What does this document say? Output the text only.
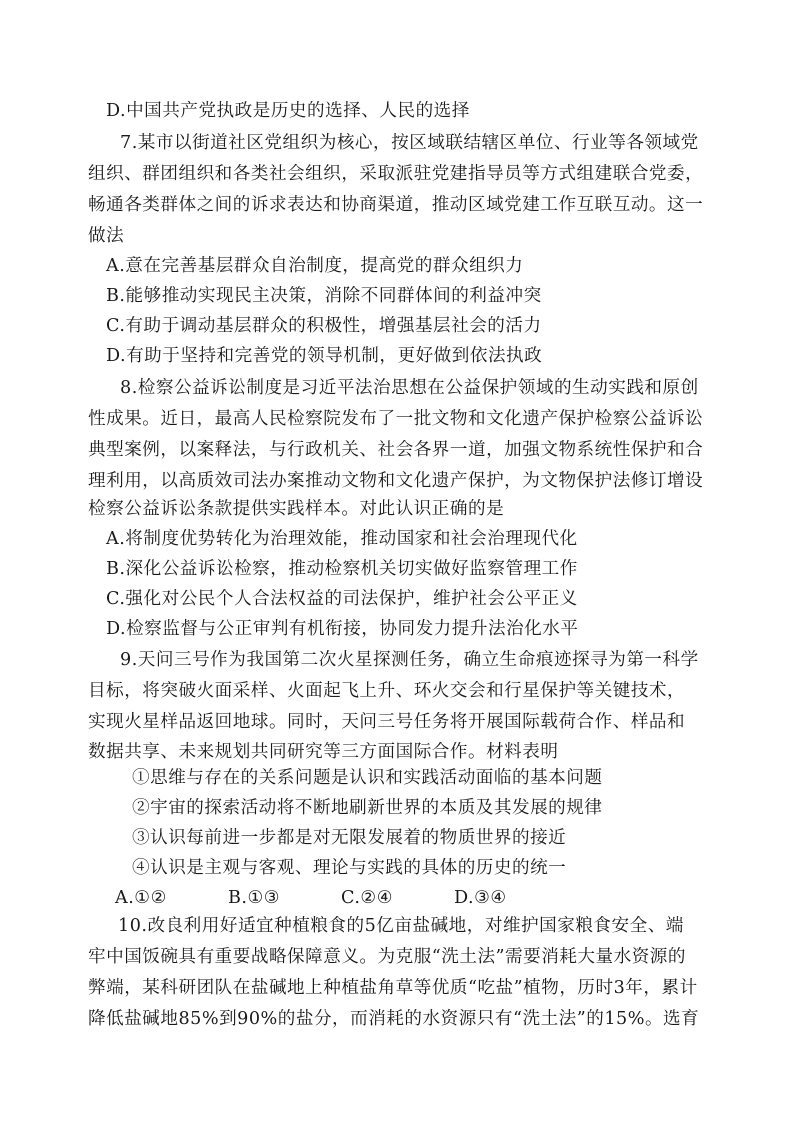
D.中国共产党执政是历史的选择、人民的选择
7.某市以街道社区党组织为核心，按区域联结辖区单位、行业等各领域党
组织、群团组织和各类社会组织，采取派驻党建指导员等方式组建联合党委，
畅通各类群体之间的诉求表达和协商渠道，推动区域党建工作互联互动。这一
做法
A.意在完善基层群众自治制度，提高党的群众组织力
B.能够推动实现民主决策，消除不同群体间的利益冲突
C.有助于调动基层群众的积极性，增强基层社会的活力
D.有助于坚持和完善党的领导机制，更好做到依法执政
8.检察公益诉讼制度是习近平法治思想在公益保护领域的生动实践和原创
性成果。近日，最高人民检察院发布了一批文物和文化遗产保护检察公益诉讼
典型案例，以案释法，与行政机关、社会各界一道，加强文物系统性保护和合
理利用，以高质效司法办案推动文物和文化遗产保护，为文物保护法修订增设
检察公益诉讼条款提供实践样本。对此认识正确的是
A.将制度优势转化为治理效能，推动国家和社会治理现代化
B.深化公益诉讼检察，推动检察机关切实做好监察管理工作
C.强化对公民个人合法权益的司法保护，维护社会公平正义
D.检察监督与公正审判有机衔接，协同发力提升法治化水平
9.天问三号作为我国第二次火星探测任务，确立生命痕迹探寻为第一科学
目标，将突破火面采样、火面起飞上升、环火交会和行星保护等关键技术，
实现火星样品返回地球。同时，天问三号任务将开展国际载荷合作、样品和
数据共享、未来规划共同研究等三方面国际合作。材料表明
①思维与存在的关系问题是认识和实践活动面临的基本问题
②宇宙的探索活动将不断地刷新世界的本质及其发展的规律
③认识每前进一步都是对无限发展着的物质世界的接近
④认识是主观与客观、理论与实践的具体的历史的统一
A.①②	B.①③	C.②④	D.③④
10.改良利用好适宜种植粮食的5亿亩盐碱地，对维护国家粮食安全、端
牢中国饭碗具有重要战略保障意义。为克服“洗土法”需要消耗大量水资源的
弊端，某科研团队在盐碱地上种植盐角草等优质“吃盐”植物，历时3年，累计
降低盐碱地85%到90%的盐分，而消耗的水资源只有“洗土法”的15%。选育
